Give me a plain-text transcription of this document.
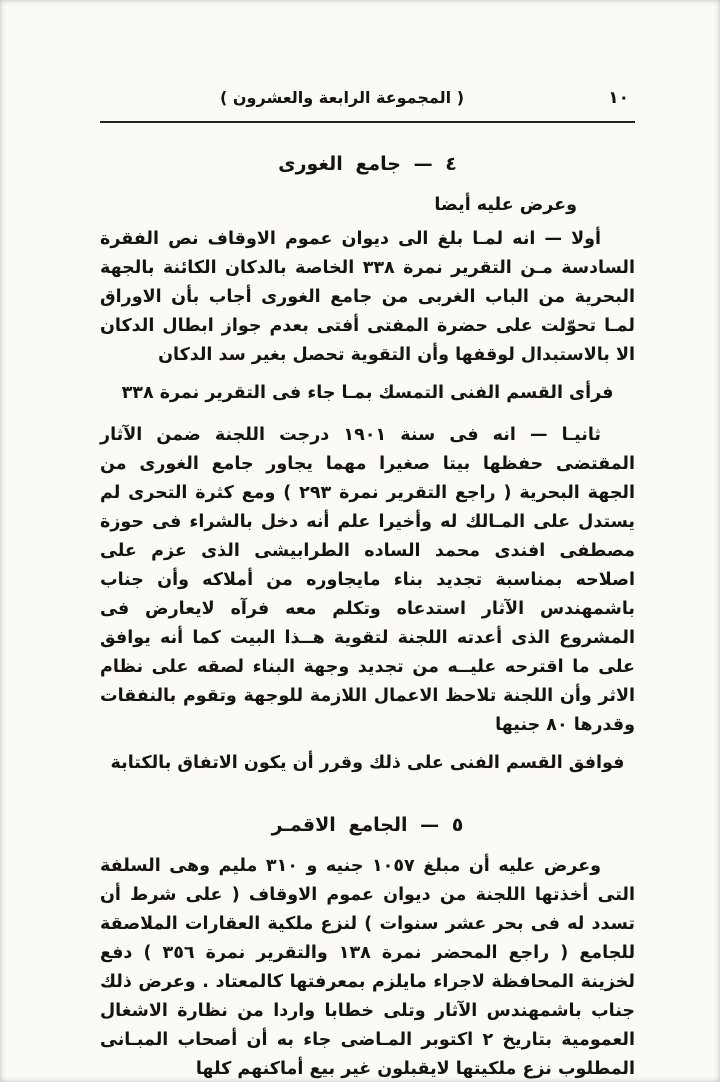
( المجموعة الرابعة والعشرون )	١٠
٤ — جامع الغورى

وعرض عليه أيضا

أولا — انه لمـا بلغ الى ديوان عموم الاوقاف نص الفقرة السادسة مـن التقرير نمرة ٣٣٨ الخاصة بالدكان الكائنة بالجهة البحرية من الباب الغربى من جامع الغورى أجاب بأن الاوراق لمـا تحوّلت على حضرة المفتى أفتى بعدم جواز ابطال الدكان الا بالاستبدال لوقفها وأن التقوية تحصل بغير سد الدكان

فرأى القسم الفنى التمسك بمـا جاء فى التقرير نمرة ٣٣٨

ثانيـا — انه فى سنة ١٩٠١ درجت اللجنة ضمن الآثار المقتضى حفظها بيتا صغيرا مهما يجاور جامع الغورى من الجهة البحرية ( راجع التقرير نمرة ٢٩٣ ) ومع كثرة التحرى لم يستدل على المـالك له وأخيرا علم أنه دخل بالشراء فى حوزة مصطفى افندى محمد الساده الطرابيشى الذى عزم على اصلاحه بمناسبة تجديد بناء مايجاوره من أملاكه وأن جناب باشمهندس الآثار استدعاه وتكلم معه فرآه لايعارض فى المشروع الذى أعدته اللجنة لتقوية هــذا البيت كما أنه يوافق على ما اقترحه عليــه من تجديد وجهة البناء لصقه على نظام الاثر وأن اللجنة تلاحظ الاعمال اللازمة للوجهة وتقوم بالنفقات وقدرها ٨٠ جنيها

فوافق القسم الفنى على ذلك وقرر أن يكون الاتفاق بالكتابة

٥ — الجامع الاقمـر

وعرض عليه أن مبلغ ١٠٥٧ جنيه و ٣١٠ مليم وهى السلفة التى أخذتها اللجنة من ديوان عموم الاوقاف ( على شرط أن تسدد له فى بحر عشر سنوات ) لنزع ملكية العقارات الملاصقة للجامع ( راجع المحضر نمرة ١٣٨ والتقرير نمرة ٣٥٦ ) دفع لخزينة المحافظة لاجراء مايلزم بمعرفتها كالمعتاد . وعرض ذلك جناب باشمهندس الآثار وتلى خطابا واردا من نظارة الاشغال العمومية بتاريخ ٢ اكتوبر المـاضى جاء به أن أصحاب المبـانى المطلوب نزع ملكيتها لايقبلون غير بيع أماكنهم كلها
